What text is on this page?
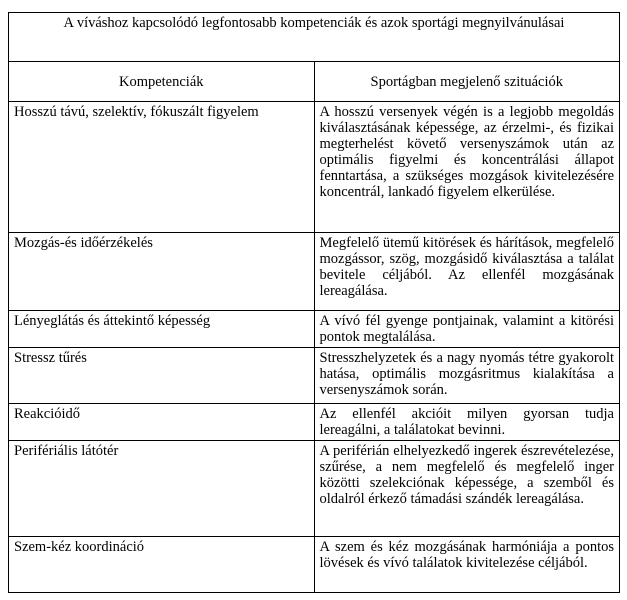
A víváshoz kapcsolódó legfontosabb kompetenciák és azok sportági megnyilvánulásai	
Kompetenciák	Sportágban megjelenő szituációk
Hosszú távú, szelektív, fókuszált figyelem	A hosszú versenyek végén is a legjobb megoldás kiválasztásának képessége, az érzelmi-, és fizikai megterhelést követő versenyszámok után az optimális figyelmi és koncentrálási állapot fenntartása, a szükséges mozgások kivitelezésére koncentrál, lankadó figyelem elkerülése.
Mozgás-és időérzékelés	Megfelelő ütemű kitörések és hárítások, megfelelő mozgássor, szög, mozgásidő kiválasztása a találat bevitele céljából. Az ellenfél mozgásának lereagálása.
Lényeglátás és áttekintő képesség	A vívó fél gyenge pontjainak, valamint a kitörési pontok megtalálása.
Stressz tűrés	Stresszhelyzetek és a nagy nyomás tétre gyakorolt hatása, optimális mozgásritmus kialakítása a versenyszámok során.
Reakcióidő	Az ellenfél akcióit milyen gyorsan tudja lereagálni, a találatokat bevinni.
Perifériális látótér	A periférián elhelyezkedő ingerek észrevételezése, szűrése, a nem megfelelő és megfelelő inger közötti szelekciónak képessége, a szemből és oldalról érkező támadási szándék lereagálása.
Szem-kéz koordináció	A szem és kéz mozgásának harmóniája a pontos lövések és vívó találatok kivitelezése céljából.
